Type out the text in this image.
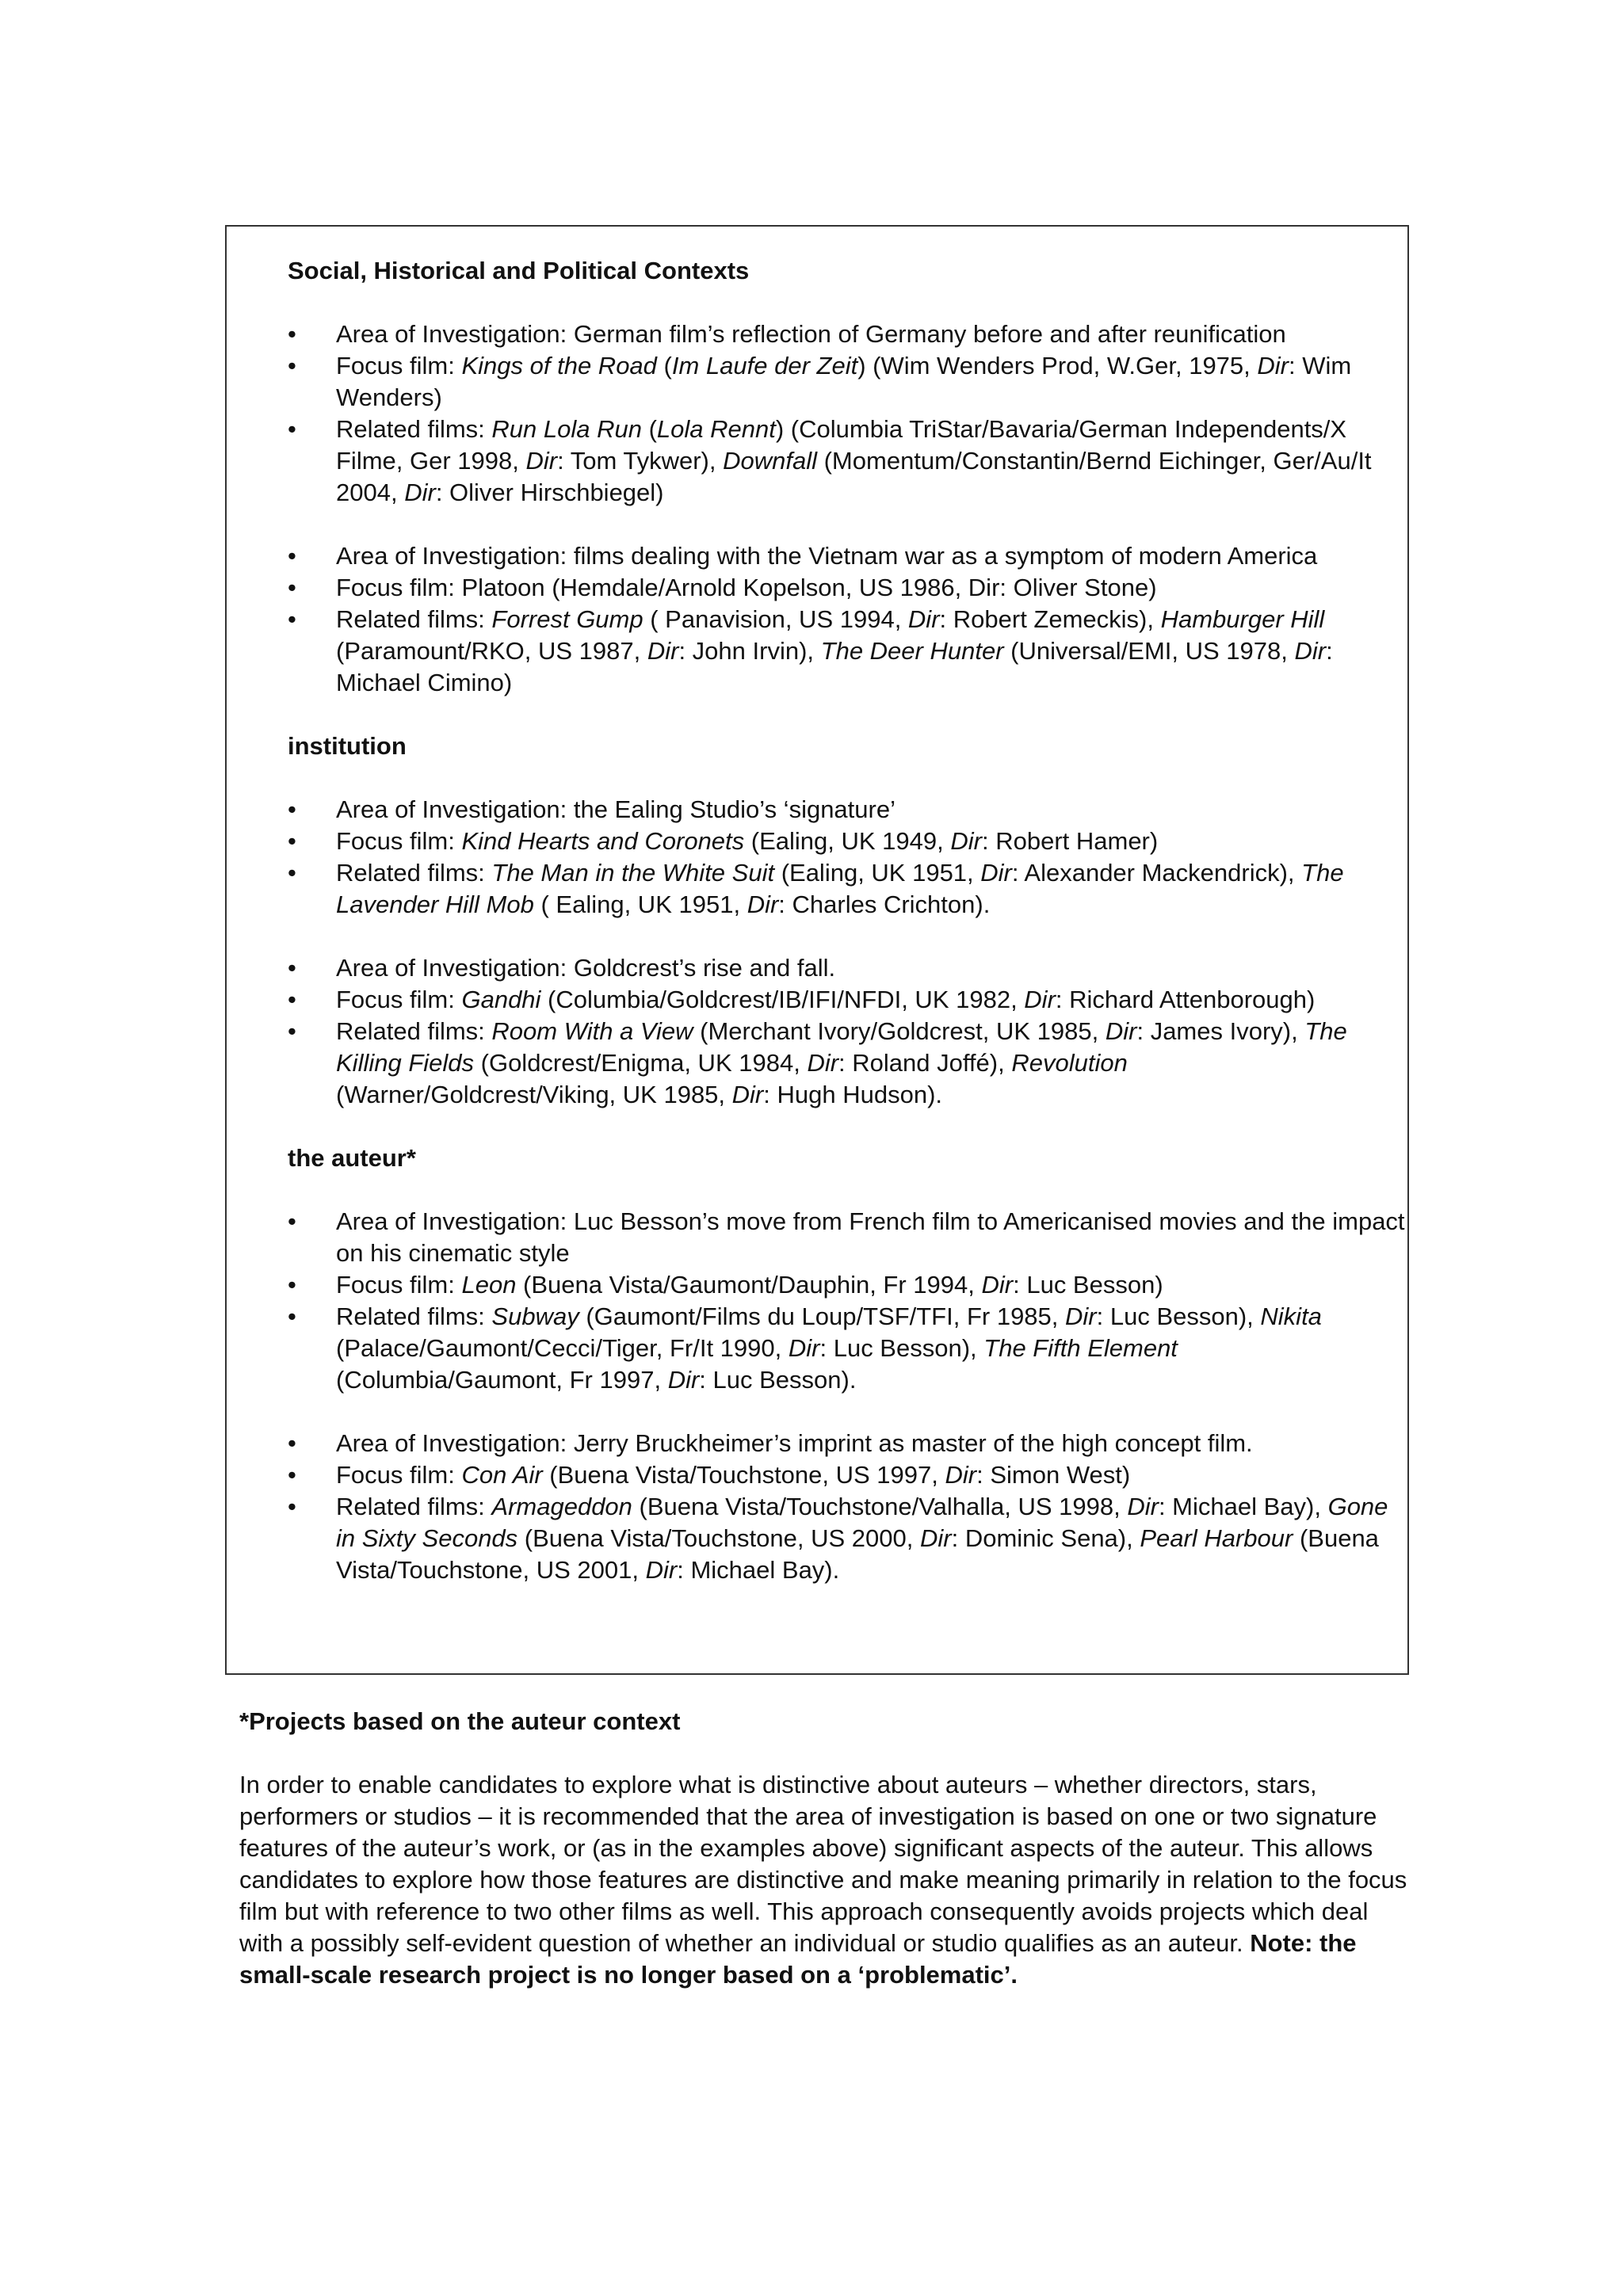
Social, Historical and Political Contexts

•	Area of Investigation: German film’s reflection of Germany before and after reunification
•	Focus film: Kings of the Road (Im Laufe der Zeit) (Wim Wenders Prod, W.Ger, 1975, Dir: Wim Wenders)
•	Related films: Run Lola Run (Lola Rennt) (Columbia TriStar/Bavaria/German Independents/X Filme, Ger 1998, Dir: Tom Tykwer), Downfall (Momentum/Constantin/Bernd Eichinger, Ger/Au/It 2004, Dir: Oliver Hirschbiegel)
•	Area of Investigation: films dealing with the Vietnam war as a symptom of modern America
•	Focus film: Platoon (Hemdale/Arnold Kopelson, US 1986, Dir: Oliver Stone)
•	Related films: Forrest Gump ( Panavision, US 1994, Dir: Robert Zemeckis), Hamburger Hill (Paramount/RKO, US 1987, Dir: John Irvin), The Deer Hunter (Universal/EMI, US 1978, Dir: Michael Cimino)

institution

•	Area of Investigation: the Ealing Studio’s ‘signature’
•	Focus film: Kind Hearts and Coronets (Ealing, UK 1949, Dir: Robert Hamer)
•	Related films: The Man in the White Suit (Ealing, UK 1951, Dir: Alexander Mackendrick), The Lavender Hill Mob ( Ealing, UK 1951, Dir: Charles Crichton).
•	Area of Investigation: Goldcrest’s rise and fall.
•	Focus film: Gandhi (Columbia/Goldcrest/IB/IFI/NFDI, UK 1982, Dir: Richard Attenborough)
•	Related films: Room With a View (Merchant Ivory/Goldcrest, UK 1985, Dir: James Ivory), The Killing Fields (Goldcrest/Enigma, UK 1984, Dir: Roland Joffé), Revolution (Warner/Goldcrest/Viking, UK 1985, Dir: Hugh Hudson).

the auteur*

•	Area of Investigation: Luc Besson’s move from French film to Americanised movies and the impact on his cinematic style
•	Focus film: Leon (Buena Vista/Gaumont/Dauphin, Fr 1994, Dir: Luc Besson)
•	Related films: Subway (Gaumont/Films du Loup/TSF/TFI, Fr 1985, Dir: Luc Besson), Nikita (Palace/Gaumont/Cecci/Tiger, Fr/It 1990, Dir: Luc Besson), The Fifth Element (Columbia/Gaumont, Fr 1997, Dir: Luc Besson).
•	Area of Investigation: Jerry Bruckheimer’s imprint as master of the high concept film.
•	Focus film: Con Air (Buena Vista/Touchstone, US 1997, Dir: Simon West)
•	Related films: Armageddon (Buena Vista/Touchstone/Valhalla, US 1998, Dir: Michael Bay), Gone in Sixty Seconds (Buena Vista/Touchstone, US 2000, Dir: Dominic Sena), Pearl Harbour (Buena Vista/Touchstone, US 2001, Dir: Michael Bay).

*Projects based on the auteur context

In order to enable candidates to explore what is distinctive about auteurs – whether directors, stars, performers or studios – it is recommended that the area of investigation is based on one or two signature features of the auteur’s work, or (as in the examples above) significant aspects of the auteur. This allows candidates to explore how those features are distinctive and make meaning primarily in relation to the focus film but with reference to two other films as well. This approach consequently avoids projects which deal with a possibly self-evident question of whether an individual or studio qualifies as an auteur. Note: the small-scale research project is no longer based on a ‘problematic’.
